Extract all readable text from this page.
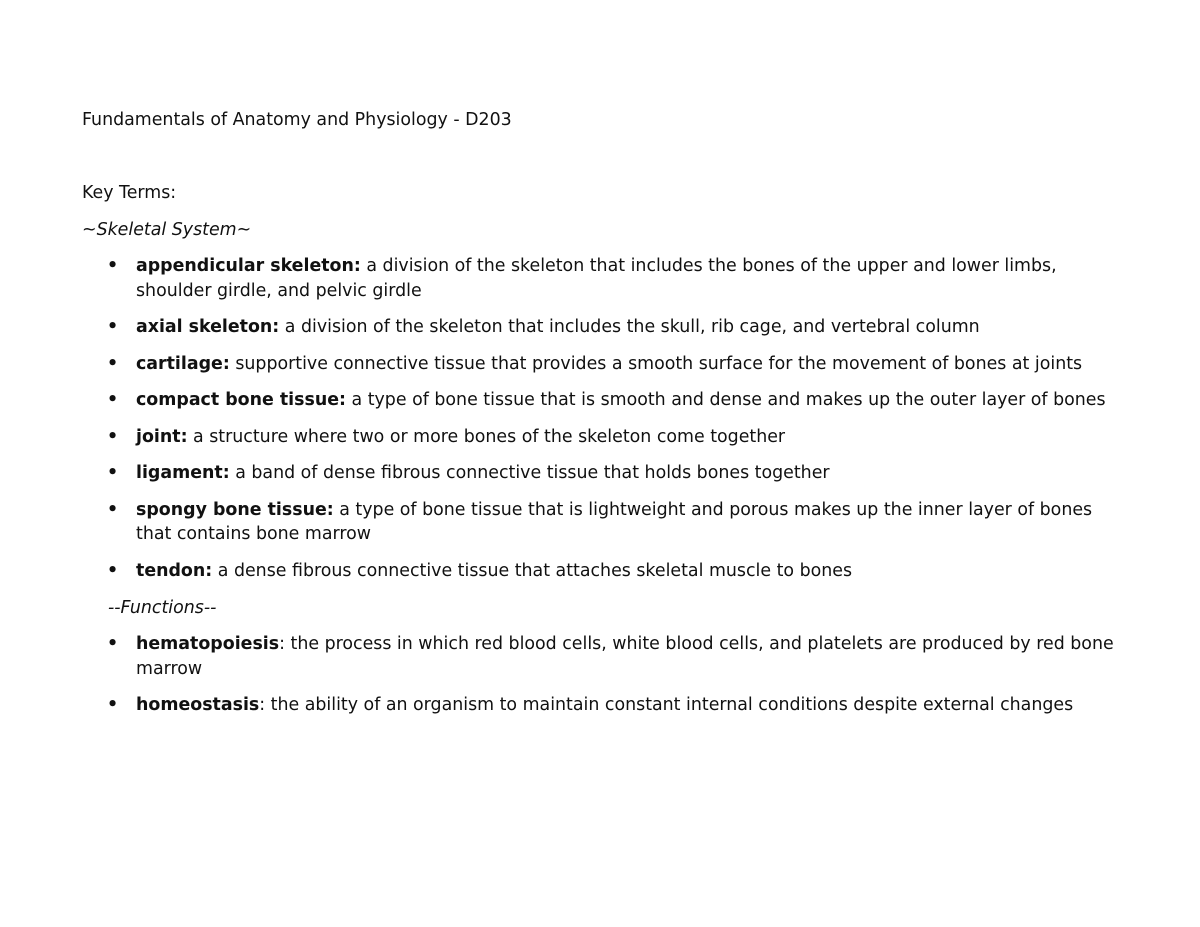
Fundamentals of Anatomy and Physiology - D203
Key Terms:
~Skeletal System~
• appendicular skeleton: a division of the skeleton that includes the bones of the upper and lower limbs, shoulder girdle, and pelvic girdle
• axial skeleton: a division of the skeleton that includes the skull, rib cage, and vertebral column
• cartilage: supportive connective tissue that provides a smooth surface for the movement of bones at joints
• compact bone tissue: a type of bone tissue that is smooth and dense and makes up the outer layer of bones
• joint: a structure where two or more bones of the skeleton come together
• ligament: a band of dense fibrous connective tissue that holds bones together
• spongy bone tissue: a type of bone tissue that is lightweight and porous makes up the inner layer of bones that contains bone marrow
• tendon: a dense fibrous connective tissue that attaches skeletal muscle to bones
--Functions--
• hematopoiesis: the process in which red blood cells, white blood cells, and platelets are produced by red bone marrow
• homeostasis: the ability of an organism to maintain constant internal conditions despite external changes
